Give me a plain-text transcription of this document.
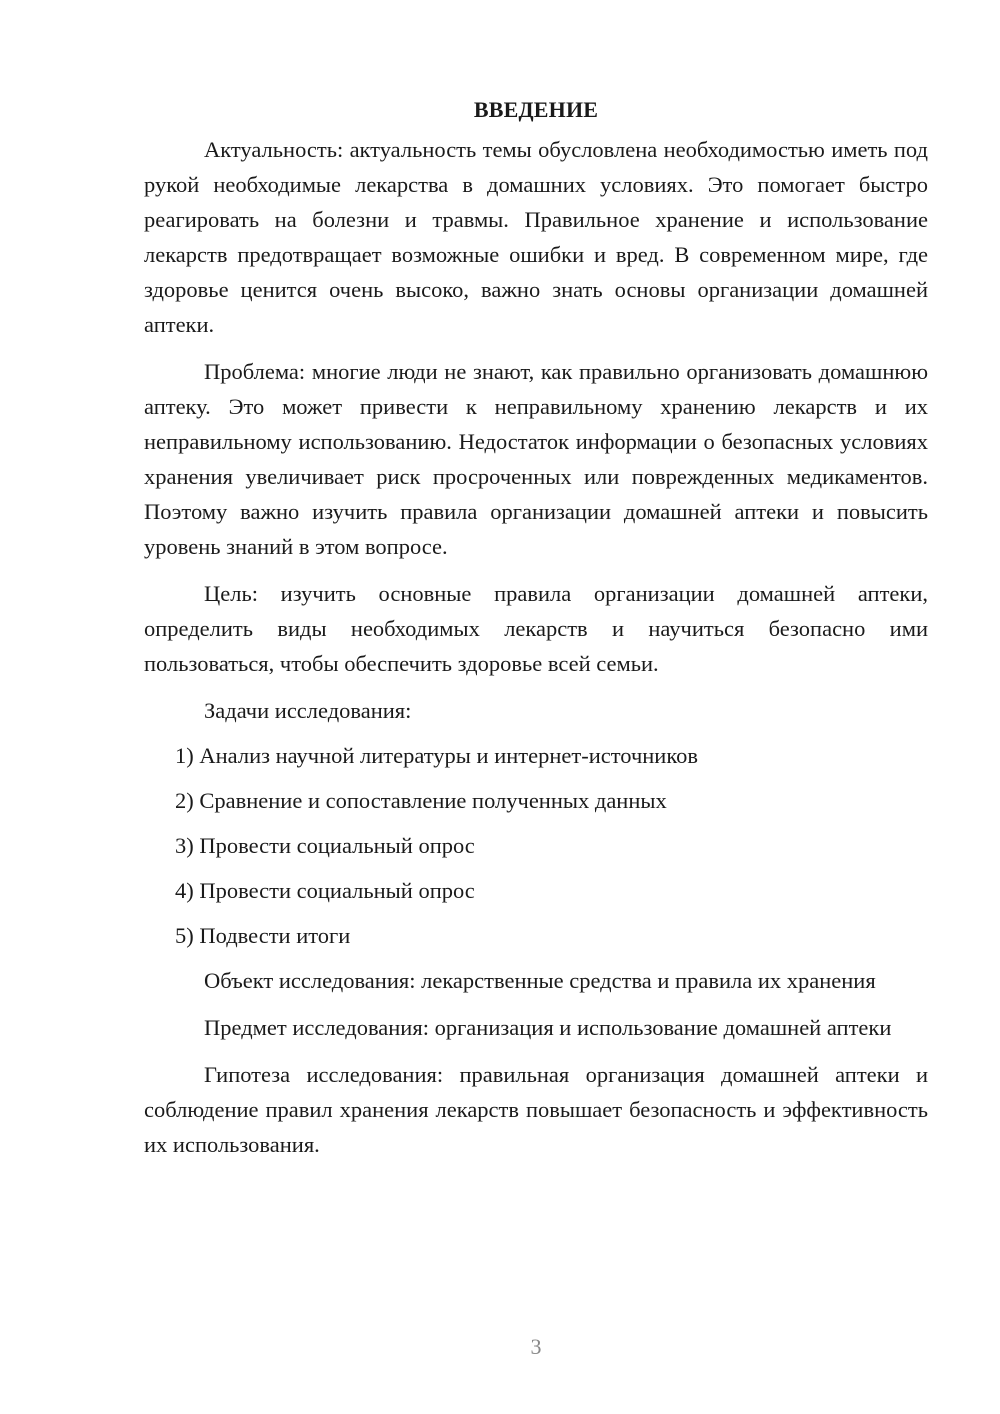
ВВЕДЕНИЕ

Актуальность: актуальность темы обусловлена необходимостью иметь под рукой необходимые лекарства в домашних условиях. Это помогает быстро реагировать на болезни и травмы. Правильное хранение и использование лекарств предотвращает возможные ошибки и вред. В современном мире, где здоровье ценится очень высоко, важно знать основы организации домашней аптеки.

Проблема: многие люди не знают, как правильно организовать домашнюю аптеку. Это может привести к неправильному хранению лекарств и их неправильному использованию. Недостаток информации о безопасных условиях хранения увеличивает риск просроченных или поврежденных медикаментов. Поэтому важно изучить правила организации домашней аптеки и повысить уровень знаний в этом вопросе.

Цель: изучить основные правила организации домашней аптеки, определить виды необходимых лекарств и научиться безопасно ими пользоваться, чтобы обеспечить здоровье всей семьи.

Задачи исследования:

1) Анализ научной литературы и интернет-источников
2) Сравнение и сопоставление полученных данных
3) Провести социальный опрос
4) Провести социальный опрос
5) Подвести итоги

Объект исследования: лекарственные средства и правила их хранения

Предмет исследования: организация и использование домашней аптеки

Гипотеза исследования: правильная организация домашней аптеки и соблюдение правил хранения лекарств повышает безопасность и эффективность их использования.

3
